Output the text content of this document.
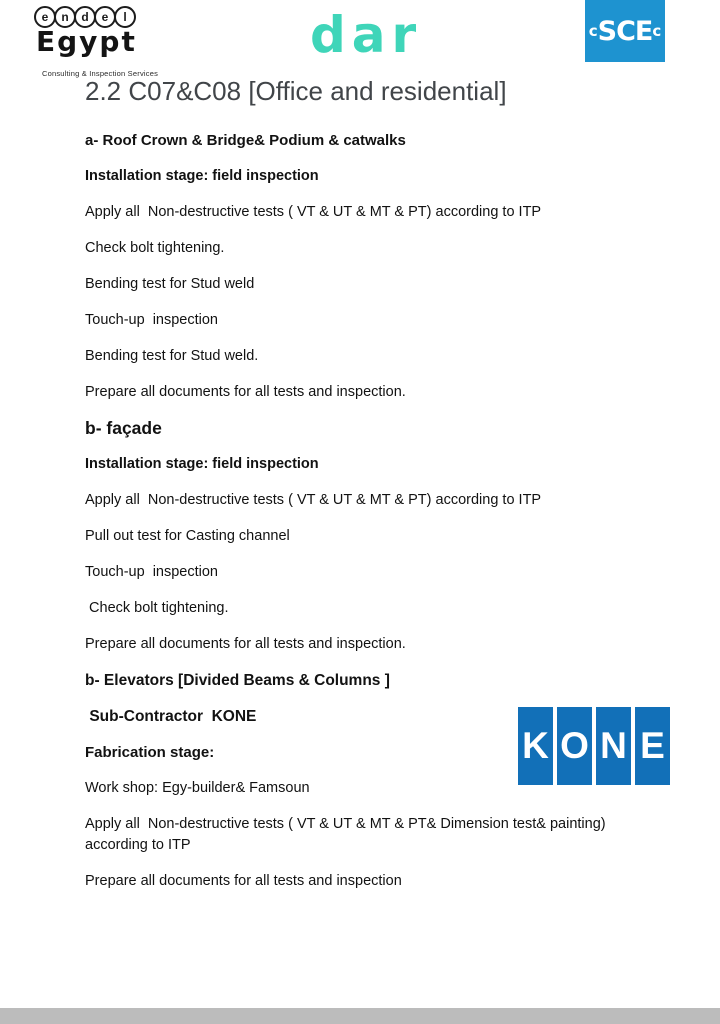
e	n	d	e	l
Egypt
Consulting & Inspection Services
dar	c S C E c
2.2 C07&C08 [Office and residential]
a- Roof Crown & Bridge& Podium & catwalks
Installation stage: field inspection
Apply all  Non-destructive tests ( VT & UT & MT & PT) according to ITP
Check bolt tightening.
Bending test for Stud weld
Touch-up  inspection
Bending test for Stud weld.
Prepare all documents for all tests and inspection.
b- façade
Installation stage: field inspection
Apply all  Non-destructive tests ( VT & UT & MT & PT) according to ITP
Pull out test for Casting channel
Touch-up  inspection
Check bolt tightening.
Prepare all documents for all tests and inspection.
b- Elevators [Divided Beams & Columns ]
Sub-Contractor  KONE
Fabrication stage:
Work shop: Egy-builder& Famsoun
Apply all  Non-destructive tests ( VT & UT & MT & PT& Dimension test& painting) according to ITP
Prepare all documents for all tests and inspection
K O N E
